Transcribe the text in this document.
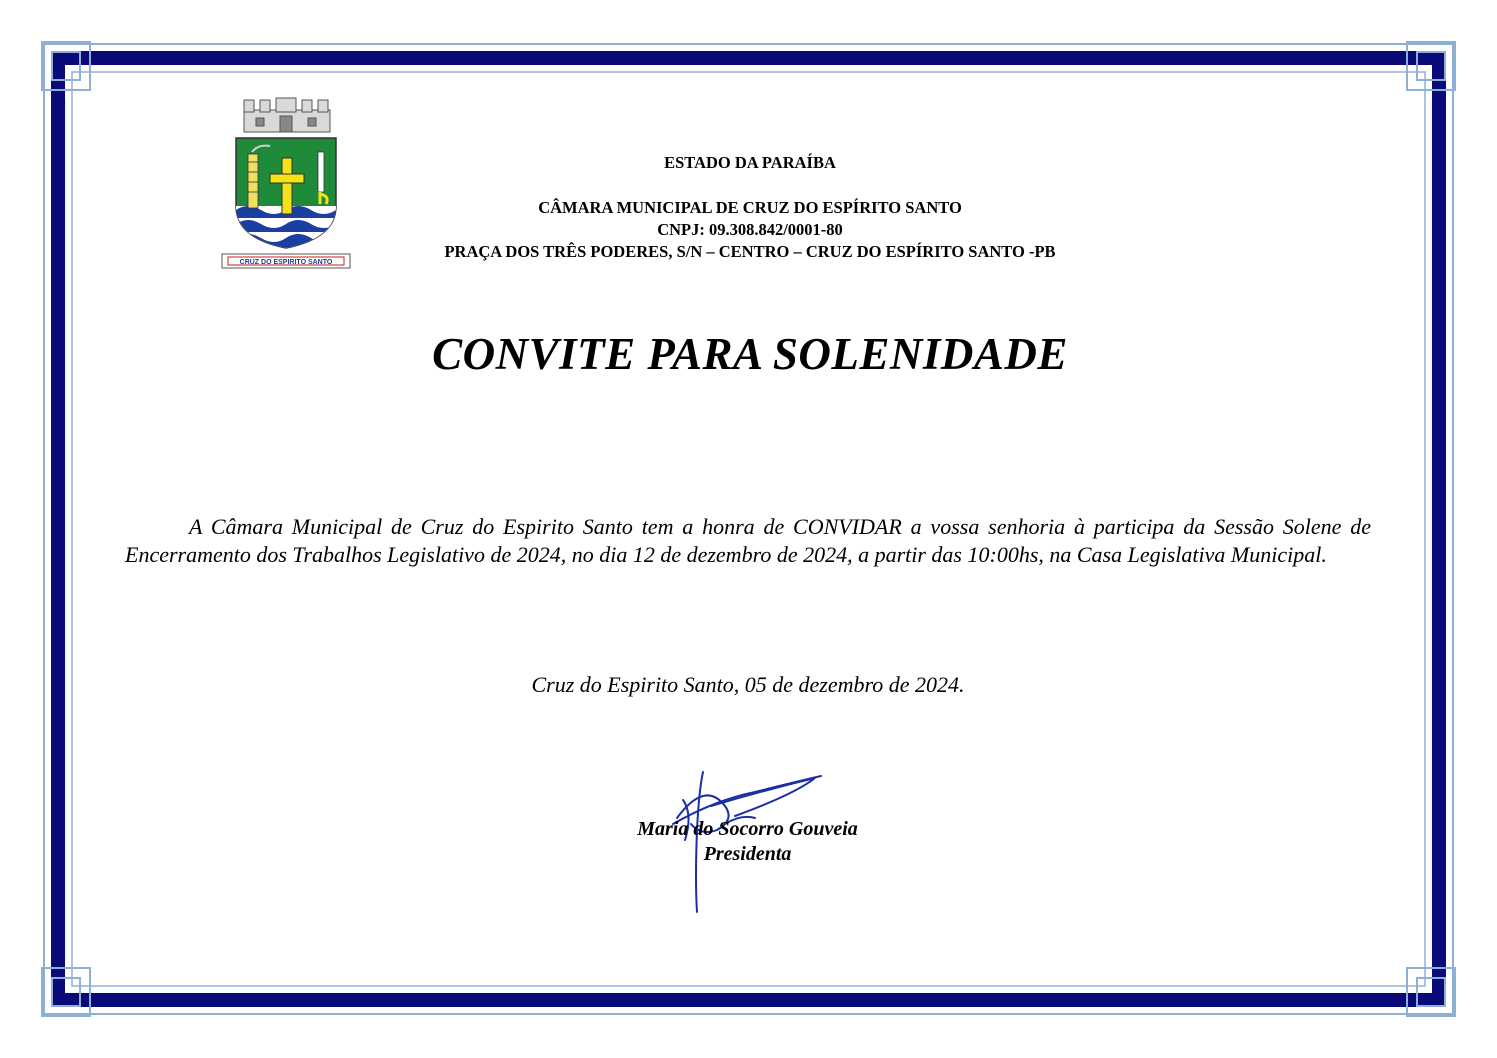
CRUZ DO ESPIRITO SANTO
ESTADO DA PARAÍBA
CÂMARA MUNICIPAL DE CRUZ DO ESPÍRITO SANTO
CNPJ: 09.308.842/0001-80
PRAÇA DOS TRÊS PODERES, S/N – CENTRO – CRUZ DO ESPÍRITO SANTO -PB
CONVITE PARA SOLENIDADE
A Câmara Municipal de Cruz do Espirito Santo tem a honra de CONVIDAR a vossa senhoria à participa da Sessão Solene de Encerramento dos Trabalhos Legislativo de 2024, no dia 12 de dezembro de 2024, a partir das 10:00hs, na Casa Legislativa Municipal.
Cruz do Espirito Santo, 05 de dezembro de 2024.
Maria do Socorro Gouveia
Presidenta
